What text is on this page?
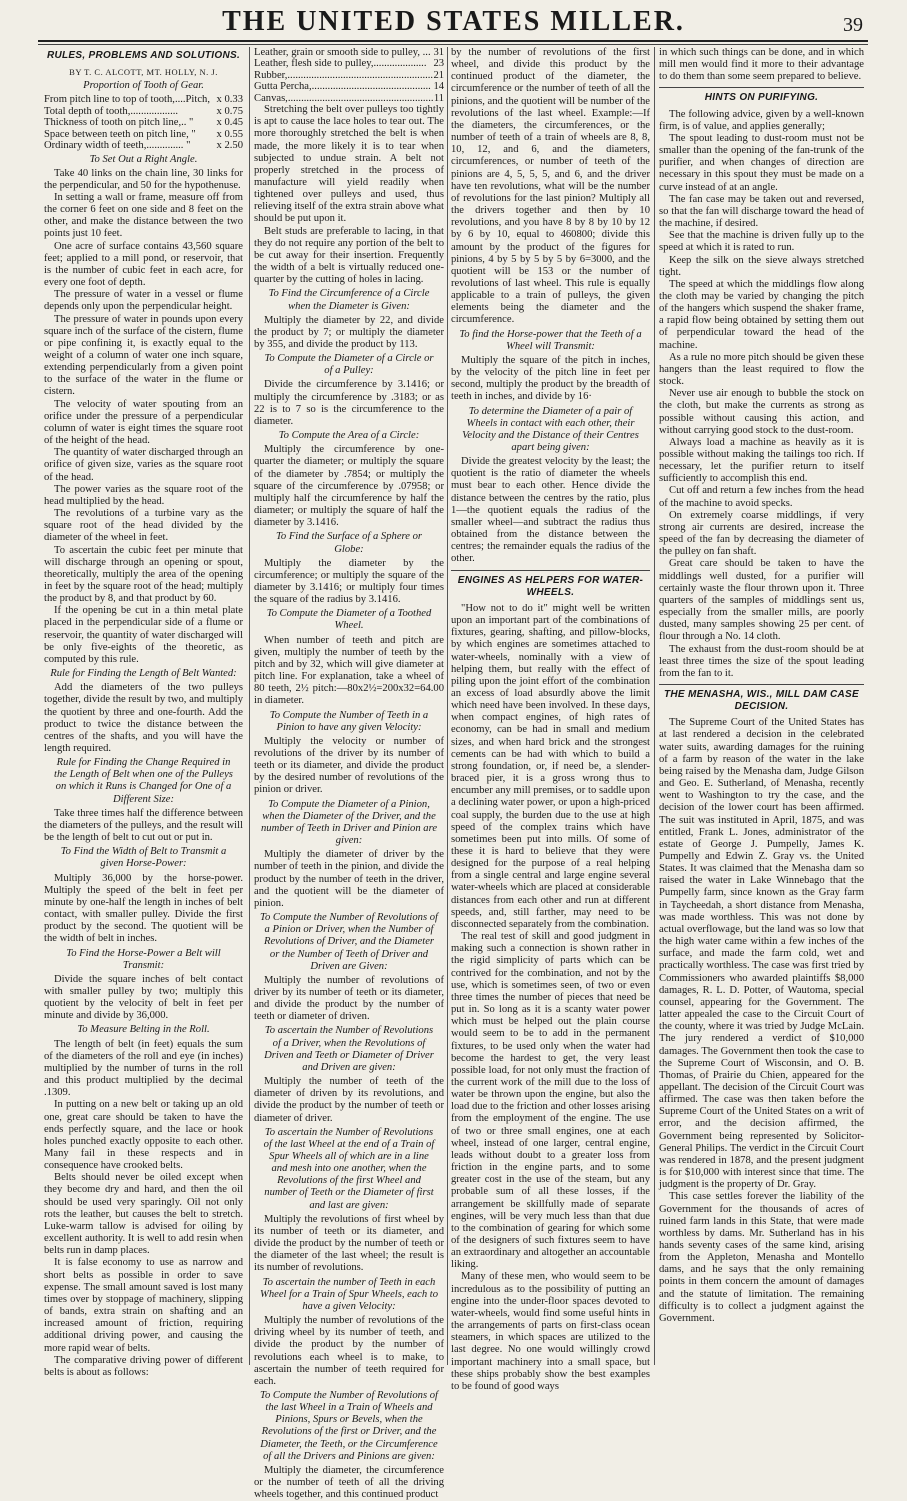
THE UNITED STATES MILLER.	39
RULES, PROBLEMS AND SOLUTIONS.
BY T. C. ALCOTT, MT. HOLLY, N. J.

Proportion of Tooth of Gear.

From pitch line to top of tooth,....Pitch,	x 0.33
Total depth of tooth,..................	x 0.75
Thickness of tooth on pitch line,.. "	x 0.45
Space between teeth on pitch line, "	x 0.55
Ordinary width of teeth,.............. "	x 2.50

To Set Out a Right Angle.

Take 40 links on the chain line, 30 links for the perpendicular, and 50 for the hypothenuse.

In setting a wall or frame, measure off from the corner 6 feet on one side and 8 feet on the other, and make the distance between the two points just 10 feet.

One acre of surface contains 43,560 square feet; applied to a mill pond, or reservoir, that is the number of cubic feet in each acre, for every one foot of depth.

The pressure of water in a vessel or flume depends only upon the perpendicular height.

The pressure of water in pounds upon every square inch of the surface of the cistern, flume or pipe confining it, is exactly equal to the weight of a column of water one inch square, extending perpendicularly from a given point to the surface of the water in the flume or cistern.

The velocity of water spouting from an orifice under the pressure of a perpendicular column of water is eight times the square root of the height of the head.

The quantity of water discharged through an orifice of given size, varies as the square root of the head.

The power varies as the square root of the head multiplied by the head.

The revolutions of a turbine vary as the square root of the head divided by the diameter of the wheel in feet.

To ascertain the cubic feet per minute that will discharge through an opening or spout, theoretically, multiply the area of the opening in feet by the square root of the head; multiply the product by 8, and that product by 60.

If the opening be cut in a thin metal plate placed in the perpendicular side of a flume or reservoir, the quantity of water discharged will be only five-eights of the theoretic, as computed by this rule.

Rule for Finding the Length of Belt Wanted:

Add the diameters of the two pulleys together, divide the result by two, and multiply the quotient by three and one-fourth. Add the product to twice the distance between the centres of the shafts, and you will have the length required.

Rule for Finding the Change Required in the Length of Belt when one of the Pulleys on which it Runs is Changed for One of a Different Size:

Take three times half the difference between the diameters of the pulleys, and the result will be the length of belt to cut out or put in.

To Find the Width of Belt to Transmit a given Horse-Power:

Multiply 36,000 by the horse-power. Multiply the speed of the belt in feet per minute by one-half the length in inches of belt contact, with smaller pulley. Divide the first product by the second. The quotient will be the width of belt in inches.

To Find the Horse-Power a Belt will Transmit:

Divide the square inches of belt contact with smaller pulley by two; multiply this quotient by the velocity of belt in feet per minute and divide by 36,000.

To Measure Belting in the Roll.

The length of belt (in feet) equals the sum of the diameters of the roll and eye (in inches) multiplied by the number of turns in the roll and this product multiplied by the decimal .1309.

In putting on a new belt or taking up an old one, great care should be taken to have the ends perfectly square, and the lace or hook holes punched exactly opposite to each other. Many fail in these respects and in consequence have crooked belts.

Belts should never be oiled except when they become dry and hard, and then the oil should be used very sparingly. Oil not only rots the leather, but causes the belt to stretch. Luke-warm tallow is advised for oiling by excellent authority. It is well to add resin when belts run in damp places.

It is false economy to use as narrow and short belts as possible in order to save expense. The small amount saved is lost many times over by stoppage of machinery, slipping of bands, extra strain on shafting and an increased amount of friction, requiring additional driving power, and causing the more rapid wear of belts.

The comparative driving power of different belts is about as follows:

Leather, grain or smooth side to pulley, ...	31
Leather, flesh side to pulley,....................	23
Rubber,.......................................................	21
Gutta Percha,.............................................	14
Canvas,.......................................................	11

Stretching the belt over pulleys too tightly is apt to cause the lace holes to tear out. The more thoroughly stretched the belt is when made, the more likely it is to tear when subjected to undue strain. A belt not properly stretched in the process of manufacture will yield readily when tightened over pulleys and used, thus relieving itself of the extra strain above what should be put upon it.

Belt studs are preferable to lacing, in that they do not require any portion of the belt to be cut away for their insertion. Frequently the width of a belt is virtually reduced one-quarter by the cutting of holes in lacing.

To Find the Circumference of a Circle when the Diameter is Given:

Multiply the diameter by 22, and divide the product by 7; or multiply the diameter by 355, and divide the product by 113.

To Compute the Diameter of a Circle or of a Pulley:

Divide the circumference by 3.1416; or multiply the circumference by .3183; or as 22 is to 7 so is the circumference to the diameter.

To Compute the Area of a Circle:

Multiply the circumference by one-quarter the diameter; or multiply the square of the diameter by .7854; or multiply the square of the circumference by .07958; or multiply half the circumference by half the diameter; or multiply the square of half the diameter by 3.1416.

To Find the Surface of a Sphere or Globe:

Multiply the diameter by the circumference; or multiply the square of the diameter by 3.1416; or multiply four times the square of the radius by 3.1416.

To Compute the Diameter of a Toothed Wheel.

When number of teeth and pitch are given, multiply the number of teeth by the pitch and by 32, which will give diameter at pitch line. For explanation, take a wheel of 80 teeth, 2½ pitch:—80x2½=200x32=64.00 in diameter.

To Compute the Number of Teeth in a Pinion to have any given Velocity:

Multiply the velocity or number of revolutions of the driver by its number of teeth or its diameter, and divide the product by the desired number of revolutions of the pinion or driver.

To Compute the Diameter of a Pinion, when the Diameter of the Driver, and the number of Teeth in Driver and Pinion are given:

Multiply the diameter of driver by the number of teeth in the pinion, and divide the product by the number of teeth in the driver, and the quotient will be the diameter of pinion.

To Compute the Number of Revolutions of a Pinion or Driver, when the Number of Revolutions of Driver, and the Diameter or the Number of Teeth of Driver and Driven are Given:

Multiply the number of revolutions of driver by its number of teeth or its diameter, and divide the product by the number of teeth or diameter of driven.

To ascertain the Number of Revolutions of a Driver, when the Revolutions of Driven and Teeth or Diameter of Driver and Driven are given:

Multiply the number of teeth of the diameter of driven by its revolutions, and divide the product by the number of teeth or diameter of driver.

To ascertain the Number of Revolutions of the last Wheel at the end of a Train of Spur Wheels all of which are in a line and mesh into one another, when the Revolutions of the first Wheel and number of Teeth or the Diameter of first and last are given:

Multiply the revolutions of first wheel by its number of teeth or its diameter, and divide the product by the number of teeth or the diameter of the last wheel; the result is its number of revolutions.

To ascertain the number of Teeth in each Wheel for a Train of Spur Wheels, each to have a given Velocity:

Multiply the number of revolutions of the driving wheel by its number of teeth, and divide the product by the number of revolutions each wheel is to make, to ascertain the number of teeth required for each.

To Compute the Number of Revolutions of the last Wheel in a Train of Wheels and Pinions, Spurs or Bevels, when the Revolutions of the first or Driver, and the Diameter, the Teeth, or the Circumference of all the Drivers and Pinions are given:

Multiply the diameter, the circumference or the number of teeth of all the driving wheels together, and this continued product

by the number of revolutions of the first wheel, and divide this product by the continued product of the diameter, the circumference or the number of teeth of all the pinions, and the quotient will be number of the revolutions of the last wheel. Example:—If the diameters, the circumferences, or the number of teeth of a train of wheels are 8, 8, 10, 12, and 6, and the diameters, circumferences, or number of teeth of the pinions are 4, 5, 5, 5, and 6, and the driver have ten revolutions, what will be the number of revolutions for the last pinion? Multiply all the drivers together and then by 10 revolutions, and you have 8 by 8 by 10 by 12 by 6 by 10, equal to 460800; divide this amount by the product of the figures for pinions, 4 by 5 by 5 by 5 by 6=3000, and the quotient will be 153 or the number of revolutions of last wheel. This rule is equally applicable to a train of pulleys, the given elements being the diameter and the circumference.

To find the Horse-power that the Teeth of a Wheel will Transmit:

Multiply the square of the pitch in inches, by the velocity of the pitch line in feet per second, multiply the product by the breadth of teeth in inches, and divide by 16·

To determine the Diameter of a pair of Wheels in contact with each other, their Velocity and the Distance of their Centres apart being given:

Divide the greatest velocity by the least; the quotient is the ratio of diameter the wheels must bear to each other. Hence divide the distance between the centres by the ratio, plus 1—the quotient equals the radius of the smaller wheel—and subtract the radius thus obtained from the distance between the centres; the remainder equals the radius of the other.

ENGINES AS HELPERS FOR WATER-WHEELS.

"How not to do it" might well be written upon an important part of the combinations of fixtures, gearing, shafting, and pillow-blocks, by which engines are sometimes attached to water-wheels, nominally with a view of helping them, but really with the effect of piling upon the joint effort of the combination an excess of load absurdly above the limit which need have been involved. In these days, when compact engines, of high rates of economy, can be had in small and medium sizes, and when hard brick and the strongest cements can be had with which to build a strong foundation, or, if need be, a slender-braced pier, it is a gross wrong thus to encumber any mill premises, or to saddle upon a declining water power, or upon a high-priced coal supply, the burden due to the use at high speed of the complex trains which have sometimes been put into mills. Of some of these it is hard to believe that they were designed for the purpose of a real helping from a single central and large engine several water-wheels which are placed at considerable distances from each other and run at different speeds, and, still farther, may need to be disconnected separately from the combination.

The real test of skill and good judgment in making such a connection is shown rather in the rigid simplicity of parts which can be contrived for the combination, and not by the use, which is sometimes seen, of two or even three times the number of pieces that need be put in. So long as it is a scanty water power which must be helped out the plain course would seem to be to add in the permanent fixtures, to be used only when the water had become the hardest to get, the very least possible load, for not only must the fraction of the current work of the mill due to the loss of water be thrown upon the engine, but also the load due to the friction and other losses arising from the employment of the engine. The use of two or three small engines, one at each wheel, instead of one larger, central engine, leads without doubt to a greater loss from friction in the engine parts, and to some greater cost in the use of the steam, but any probable sum of all these losses, if the arrangement be skillfully made of separate engines, will be very much less than that due to the combination of gearing for which some of the designers of such fixtures seem to have an extraordinary and altogether an accountable liking.

Many of these men, who would seem to be incredulous as to the possibility of putting an engine into the under-floor spaces devoted to water-wheels, would find some useful hints in the arrangements of parts on first-class ocean steamers, in which spaces are utilized to the last degree. No one would willingly crowd important machinery into a small space, but these ships probably show the best examples to be found of good ways

in which such things can be done, and in which mill men would find it more to their advantage to do them than some seem prepared to believe.

HINTS ON PURIFYING.

The following advice, given by a well-known firm, is of value, and applies generally;

The spout leading to dust-room must not be smaller than the opening of the fan-trunk of the purifier, and when changes of direction are necessary in this spout they must be made on a curve instead of at an angle.

The fan case may be taken out and reversed, so that the fan will discharge toward the head of the machine, if desired.

See that the machine is driven fully up to the speed at which it is rated to run.

Keep the silk on the sieve always stretched tight.

The speed at which the middlings flow along the cloth may be varied by changing the pitch of the hangers which suspend the shaker frame, a rapid flow being obtained by setting them out of perpendicular toward the head of the machine.

As a rule no more pitch should be given these hangers than the least required to flow the stock.

Never use air enough to bubble the stock on the cloth, but make the currents as strong as possible without causing this action, and without carrying good stock to the dust-room.

Always load a machine as heavily as it is possible without making the tailings too rich. If necessary, let the purifier return to itself sufficiently to accomplish this end.

Cut off and return a few inches from the head of the machine to avoid specks.

On extremely coarse middlings, if very strong air currents are desired, increase the speed of the fan by decreasing the diameter of the pulley on fan shaft.

Great care should be taken to have the middlings well dusted, for a purifier will certainly waste the flour thrown upon it. Three quarters of the samples of middlings sent us, especially from the smaller mills, are poorly dusted, many samples showing 25 per cent. of flour through a No. 14 cloth.

The exhaust from the dust-room should be at least three times the size of the spout leading from the fan to it.

THE MENASHA, WIS., MILL DAM CASE DECISION.

The Supreme Court of the United States has at last rendered a decision in the celebrated water suits, awarding damages for the ruining of a farm by reason of the water in the lake being raised by the Menasha dam, Judge Gilson and Geo. E. Sutherland, of Menasha, recently went to Washington to try the case, and the decision of the lower court has been affirmed. The suit was instituted in April, 1875, and was entitled, Frank L. Jones, administrator of the estate of George J. Pumpelly, James K. Pumpelly and Edwin Z. Gray vs. the United States. It was claimed that the Menasha dam so raised the water in Lake Winnebago that the Pumpelly farm, since known as the Gray farm in Taycheedah, a short distance from Menasha, was made worthless. This was not done by actual overflowage, but the land was so low that the high water came within a few inches of the surface, and made the farm cold, wet and practically worthless. The case was first tried by Commissioners who awarded plaintiffs $8,000 damages, R. L. D. Potter, of Wautoma, special counsel, appearing for the Government. The latter appealed the case to the Circuit Court of the county, where it was tried by Judge McLain. The jury rendered a verdict of $10,000 damages. The Government then took the case to the Supreme Court of Wisconsin, and O. B. Thomas, of Prairie du Chien, appeared for the appellant. The decision of the Circuit Court was affirmed. The case was then taken before the Supreme Court of the United States on a writ of error, and the decision affirmed, the Government being represented by Solicitor-General Philips. The verdict in the Circuit Court was rendered in 1878, and the present judgment is for $10,000 with interest since that time. The judgment is the property of Dr. Gray.

This case settles forever the liability of the Government for the thousands of acres of ruined farm lands in this State, that were made worthless by dams. Mr. Sutherland has in his hands seventy cases of the same kind, arising from the Appleton, Menasha and Montello dams, and he says that the only remaining points in them concern the amount of damages and the statute of limitation. The remaining difficulty is to collect a judgment against the Government.
